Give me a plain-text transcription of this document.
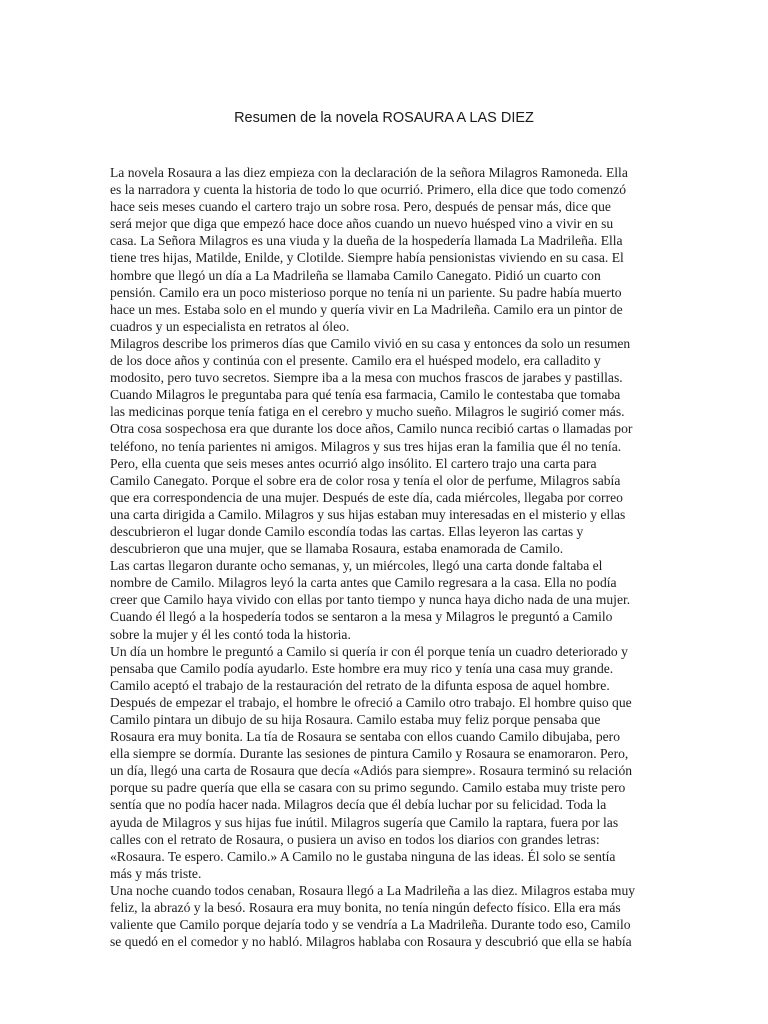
Resumen de la novela ROSAURA A LAS DIEZ
La novela Rosaura a las diez empieza con la declaración de la señora Milagros Ramoneda. Ella
es la narradora y cuenta la historia de todo lo que ocurrió. Primero, ella dice que todo comenzó
hace seis meses cuando el cartero trajo un sobre rosa. Pero, después de pensar más, dice que
será mejor que diga que empezó hace doce años cuando un nuevo huésped vino a vivir en su
casa. La Señora Milagros es una viuda y la dueña de la hospedería llamada La Madrileña. Ella
tiene tres hijas, Matilde, Enilde, y Clotilde. Siempre había pensionistas viviendo en su casa. El
hombre que llegó un día a La Madrileña se llamaba Camilo Canegato. Pidió un cuarto con
pensión. Camilo era un poco misterioso porque no tenía ni un pariente. Su padre había muerto
hace un mes. Estaba solo en el mundo y quería vivir en La Madrileña. Camilo era un pintor de
cuadros y un especialista en retratos al óleo.
Milagros describe los primeros días que Camilo vivió en su casa y entonces da solo un resumen
de los doce años y continúa con el presente. Camilo era el huésped modelo, era calladito y
modosito, pero tuvo secretos. Siempre iba a la mesa con muchos frascos de jarabes y pastillas.
Cuando Milagros le preguntaba para qué tenía esa farmacia, Camilo le contestaba que tomaba
las medicinas porque tenía fatiga en el cerebro y mucho sueño. Milagros le sugirió comer más.
Otra cosa sospechosa era que durante los doce años, Camilo nunca recibió cartas o llamadas por
teléfono, no tenía parientes ni amigos. Milagros y sus tres hijas eran la familia que él no tenía.
Pero, ella cuenta que seis meses antes ocurrió algo insólito. El cartero trajo una carta para
Camilo Canegato. Porque el sobre era de color rosa y tenía el olor de perfume, Milagros sabía
que era correspondencia de una mujer. Después de este día, cada miércoles, llegaba por correo
una carta dirigida a Camilo. Milagros y sus hijas estaban muy interesadas en el misterio y ellas
descubrieron el lugar donde Camilo escondía todas las cartas. Ellas leyeron las cartas y
descubrieron que una mujer, que se llamaba Rosaura, estaba enamorada de Camilo.
Las cartas llegaron durante ocho semanas, y, un miércoles, llegó una carta donde faltaba el
nombre de Camilo. Milagros leyó la carta antes que Camilo regresara a la casa. Ella no podía
creer que Camilo haya vivido con ellas por tanto tiempo y nunca haya dicho nada de una mujer.
Cuando él llegó a la hospedería todos se sentaron a la mesa y Milagros le preguntó a Camilo
sobre la mujer y él les contó toda la historia.
Un día un hombre le preguntó a Camilo si quería ir con él porque tenía un cuadro deteriorado y
pensaba que Camilo podía ayudarlo. Este hombre era muy rico y tenía una casa muy grande.
Camilo aceptó el trabajo de la restauración del retrato de la difunta esposa de aquel hombre.
Después de empezar el trabajo, el hombre le ofreció a Camilo otro trabajo. El hombre quiso que
Camilo pintara un dibujo de su hija Rosaura. Camilo estaba muy feliz porque pensaba que
Rosaura era muy bonita. La tía de Rosaura se sentaba con ellos cuando Camilo dibujaba, pero
ella siempre se dormía. Durante las sesiones de pintura Camilo y Rosaura se enamoraron. Pero,
un día, llegó una carta de Rosaura que decía «Adiós para siempre». Rosaura terminó su relación
porque su padre quería que ella se casara con su primo segundo. Camilo estaba muy triste pero
sentía que no podía hacer nada. Milagros decía que él debía luchar por su felicidad. Toda la
ayuda de Milagros y sus hijas fue inútil. Milagros sugería que Camilo la raptara, fuera por las
calles con el retrato de Rosaura, o pusiera un aviso en todos los diarios con grandes letras:
«Rosaura. Te espero. Camilo.» A Camilo no le gustaba ninguna de las ideas. Él solo se sentía
más y más triste.
Una noche cuando todos cenaban, Rosaura llegó a La Madrileña a las diez. Milagros estaba muy
feliz, la abrazó y la besó. Rosaura era muy bonita, no tenía ningún defecto físico. Ella era más
valiente que Camilo porque dejaría todo y se vendría a La Madrileña. Durante todo eso, Camilo
se quedó en el comedor y no habló. Milagros hablaba con Rosaura y descubrió que ella se había
